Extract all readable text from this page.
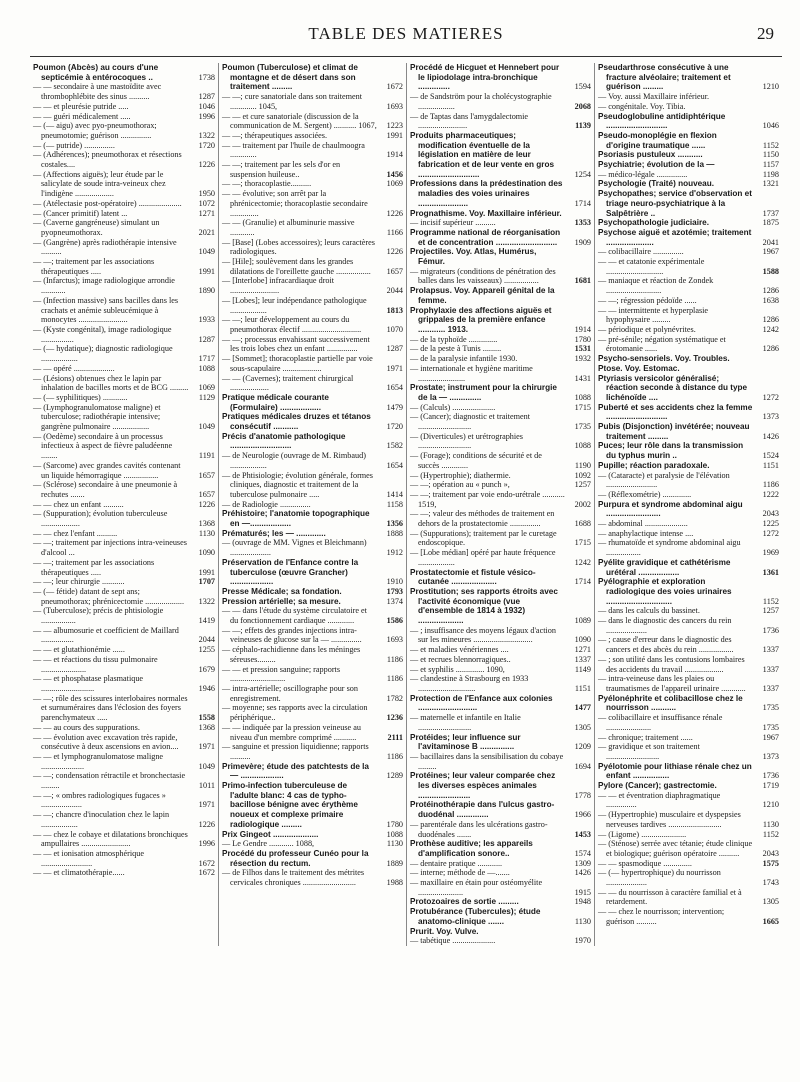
TABLE DES MATIERES	29
Poumon (Abcès) au cours d'une septicémie à entérocoques ..	1738
— — secondaire à une mastoïdite avec thrombophlébite des sinus ..........	1287
— — et pleurésie putride .....	1046
— — guéri médicalement .....	1996
— (— aigu) avec pyo-pneumothorax; pneumotomie; guérison ...............	1322
— (— putride) ...............	1720
— (Adhérences); pneumothorax et résections costales....	1226
— (Affections aiguës); leur étude par le salicylate de soude intra-veineux chez l'indigène ...................	1950
— (Atélectasie post-opératoire) ..................... 1072
— (Cancer primitif) latent ...	1271
— (Caverne gangréneuse) simulant un pyopneumothorax.	2021
— (Gangrène) après radiothérapie intensive ..........	1049
— —; traitement par les associations thérapeutiques .....	1991
— (Infarctus); image radiologique arrondie ............	1890
— (Infection massive) sans bacilles dans les crachats et anémie subleucémique à monocytes ........................	1933
— (Kyste congénital), image radiologique ................	1287
— (— hydatique); diagnostic radiologique ..................	1717
— — opéré ....................	1088
— (Lésions) obtenues chez le lapin par inhalation de bacilles morts et de BCG ......... 1069
— (— syphilitiques) ............	1129
— (Lymphogranulomatose maligne) et tuberculose; radiothérapie intensive; gangrène pulmonaire ..................	1049
— (Oedème) secondaire à un processus infectieux à aspect de fièvre paludéenne ........	1191
— (Sarcome) avec grandes cavités contenant un liquide hémorragique .................	1657
— (Sclérose) secondaire à une pneumonie à rechutes .......	1657
— — chez un enfant ..........	1226
— (Suppuration); évolution tuberculeuse ...................	1368
— — chez l'enfant ..........	1130
— —; traitement par injections intra-veineuses d'alcool ...	1090
— —; traitement par les associations thérapeutiques .....	1991
— —; leur chirurgie ...........	1707
— (— fétide) datant de sept ans; pneumothorax; phrénicectomie ................... 1322
— (Tuberculose); précis de phtisiologie .................	1419
— — albumosurie et coefficient de Maillard ................	2044
— — et glutathionémie ......	1255
— — et réactions du tissu pulmonaire ......................	1679
— — et phosphatase plasmatique ..........................	1946
— —; rôle des scissures interlobaires normales et surnuméraires dans l'éclosion des foyers parenchymateux .....	1558
— — au cours des suppurations.	1368
— — évolution avec excavation très rapide, consécutive à deux ascensions en avion.... 1971
— — et lymphogranulomatose maligne .....................	1049
— —; condensation rétractile et bronchectasie .........	1011
— —; « ombres radiologiques fugaces » ....................	1971
— —; chancre d'inoculation chez le lapin ..................	1226
— — chez le cobaye et dilatations bronchiques ampullaires ........................	1996
— — et ionisation atmosphérique .........................	1672
— — et climatothérapie......	1672
Poumon (Tuberculose) et climat de montagne et de désert dans son traitement .........	1672
— —; cure sanatoriale dans son traitement ............. 1045,	1693
— — et cure sanatoriale (discussion de la communication de M. Sergent) ........... 1067, 1223
— —; thérapeutiques associées.	1991
— — traitement par l'huile de chaulmoogra .............	1914
— —; traitement par les sels d'or en suspension huileuse..	1456
— —; thoracoplastie..........	1069
— — évolutive; son arrêt par la phrénicectomie; thoracoplastie secondaire ..............	1226
— — (Granulie) et albuminurie massive ............	1166
— [Base] (Lobes accessoires); leurs caractères radiologiques.	1226
— [Hile]; soulèvement dans les grandes dilatations de l'oreillette gauche ................. 1657
— [Interlobe] infracardiaque droit ........................	2044
— [Lobes]; leur indépendance pathologique ..................	1813
— —; leur développement au cours du pneumothorax électif .............................	1070
— —; processus envahissant successivement les trois lobes chez un enfant ...............	1287
— [Sommet]; thoracoplastie partielle par voie sous-scapulaire ...................	1971
— — (Cavernes); traitement chirurgical ...................	1654
Pratique médicale courante (Formulaire) ..................	1479
Pratiques médicales druzes et tétanos consécutif ...........	1720
Précis d'anatomie pathologique ...........................	1582
— de Neurologie (ouvrage de M. Rimbaud) ..................	1654
— de Phtisiologie; évolution générale, formes cliniques, diagnostic et traitement de la tuberculose pulmonaire .....	1414
— de Radiologie ...............	1158
Préhistoire; l'anatomie topographique en —..................	1356
Prématurés; les — .............	1888
— (ouvrage de MM. Vignes et Bleichmann) ....................	1912
Préservation de l'Enfance contre la tuberculose (œuvre Grancher) ...................	1910
Presse Médicale; sa fondation.	1793
Pression artérielle; sa mesure.	1374
— — dans l'étude du système circulatoire et du fonctionnement cardiaque .............	1586
— —; effets des grandes injections intra-veineuses de glucose sur la — ...............	1693
— céphalo-rachidienne dans les méninges séreuses.........	1186
— — et pression sanguine; rapports ...........................	1186
— intra-artérielle; oscillographe pour son enregistrement.	1782
— moyenne; ses rapports avec la circulation périphérique..	1236
— — indiquée par la pression veineuse au niveau d'un membre comprimé ...........	2111
— sanguine et pression liquidienne; rapports ..........	1186
Primevère; étude des patchtests de la — ...................	1289
Primo-infection tuberculeuse de l'adulte blanc: 4 cas de typho-bacillose bénigne avec érythème noueux et complexe primaire radiologique .........	1780
Prix Gingeot ....................	1088
— Le Gendre ............ 1088,	1130
Procédé du professeur Cunéo pour la résection du rectum.	1889
— de Filhos dans le traitement des métrites cervicales chroniques ..........................	1988
Procédé de Hicguet et Hennebert pour le lipiodolage intra-bronchique ..............	1594
— de Sandström pour la cholécystographie ..................	2068
— de Taptas dans l'amygdalectomie ........................	1139
Produits pharmaceutiques; modification éventuelle de la législation en matière de leur fabrication et de leur vente en gros ...........................	1254
Professions dans la prédestination des maladies des voies urinaires ......................	1714
Prognathisme. Voy. Maxillaire inférieur.
— incisif supérieur ..........	1353
Programme national de réorganisation et de concentration ........................... 1909
Projectiles. Voy. Atlas, Humérus, Fémur.
— migrateurs (conditions de pénétration des balles dans les vaisseaux) .................	1681
Prolapsus. Voy. Appareil génital de la femme.
Prophylaxie des affections aiguës et grippales de la première enfance ............ 1913.	1914
— de la typhoïde ..............	1780
— de la peste à Tunis .........	1531
— de la paralysie infantile 1930.	1932
— internationale et hygiène maritime .......................	1431
Prostate; instrument pour la chirurgie de la — ..............	1088
— (Calculs) .....................	1715
— (Cancer); diagnostic et traitement ..........................	1735
— (Diverticules) et urétrographies ..........................	1088
— (Forage); conditions de sécurité et de succès .............	1190
— (Hypertrophie); diathermie.	1092
— —; opération au « punch »,	1257
— —; traitement par voie endo-urétrale ........... 1519,	2002
— —; valeur des méthodes de traitement en dehors de la prostatectomie ...............	1688
— (Suppurations); traitement par le curetage endoscopique.	1715
— [Lobe médian] opéré par haute fréquence ..................	1242
Prostatectomie et fistule vésico-cutanée ....................	1714
Prostitution; ses rapports étroits avec l'activité économique (vue d'ensemble de 1814 à 1932) ....................	1089
— ; insuffisance des moyens légaux d'action sur les mineures .............................	1090
— et maladies vénériennes ....	1271
— et recrues blennorragiques..	1337
— et syphilis .............. 1090,	1149
— clandestine à Strasbourg en 1933 ............................	1151
Protection de l'Enfance aux colonies ..........................	1477
— maternelle et infantile en Italie ..........................	1305
Protéides; leur influence sur l'avitaminose B ...............	1209
— bacillaires dans la sensibilisation du cobaye .........	1694
Protéines; leur valeur comparée chez les diverses espèces animales .......................	1778
Protéinothérapie dans l'ulcus gastro-duodénal ..............	1966
— parentérale dans les ulcérations gastro-duodénales .......	1453
Prothèse auditive; les appareils d'amplification sonore..	1574
— dentaire pratique ............	1309
— interne; méthode de —.......	1426
— maxillaire en étain pour ostéomyélite ......................	1915
Protozoaires de sortie .........	1948
Protubérance (Tubercules); étude anatomo-clinique .......	1130
Prurit. Voy. Vulve.
— tabétique .....................	1970
Pseudarthrose consécutive à une fracture alvéolaire; traitement et guérison .........	1210
— Voy. aussi Maxillaire inférieur.
— congénitale. Voy. Tibia.
Pseudoglobuline antidiphtérique ...........................	1046
Pseudo-monoplégie en flexion d'origine traumatique ......	1152
Psoriasis pustuleux ...........	1150
Psychiatrie; évolution de la —	1157
— médico-légale ...............	1198
Psychologie (Traité) nouveau.	1321
Psychopathes; service d'observation et triage neuro-psychiatrique à la Salpêtrière ..	1737
Psychopathologie judiciaire.	1875
Psychose aiguë et azotémie; traitement .....................	2041
— colibacillaire ...............	1967
— — et catatonie expérimentale ............................	1588
— maniaque et réaction de Zondek ...........................	1286
— —; régression pédoïde ......	1638
— — intermittente et hyperplasie hypophysaire .........	1286
— périodique et polynévrites.	1242
— pré-sénile; négation systématique et érotomanie ......	1286
Psycho-sensoriels. Voy. Troubles.
Ptose. Voy. Estomac.
Ptyriasis versicolor généralisé; réaction seconde à distance du type lichénoïde ....	1272
Puberté et ses accidents chez la femme ...........................	1373
Pubis (Disjonction) invétérée; nouveau traitement .........	1426
Puces; leur rôle dans la transmission du typhus murin ..	1524
Pupille; réaction paradoxale.	1151
— (Cataracte) et paralysie de l'élévation .........................	1186
— (Réflexométrie) ..............	1222
Purpura et syndrome abdominal aigu ........................	2043
— abdominal .....................	1225
— anaphylactique intense ....	1272
— rhumatoïde et syndrome abdominal aigu .................	1969
Pyélite gravidique et cathétérisme urétéral ..................	1361
Pyélographie et exploration radiologique des voies urinaires .............................	1152
— dans les calculs du bassinet.	1257
— dans le diagnostic des cancers du rein ....................	1736
— ; cause d'erreur dans le diagnostic des cancers et des abcès du rein .................	1337
— ; son utilité dans les contusions lombaires des accidents du travail ...................	1337
— intra-veineuse dans les plaies ou traumatismes de l'appareil urinaire ............ 1337
Pyélonéphrite et colibacillose chez le nourrisson ...........	1735
— colibacillaire et insuffisance rénale ......................	1735
— chronique; traitement ......	1967
— gravidique et son traitement ..........................	1373
Pyélotomie pour lithiase rénale chez un enfant ................	1736
Pylore (Cancer); gastrectomie.	1719
— — et éventration diaphragmatique ...............	1210
— (Hypertrophie) musculaire et dyspepsies nerveuses tardives ..........................	1130
— (Ligome) ......................	1152
— (Sténose) serrée avec tétanie; étude clinique et biologique; guérison opératoire ..........	2043
— — spasmodique ..............	1575
— (— hypertrophique) du nourrisson ....................	1743
— — du nourrisson à caractère familial et à retardement.	1305
— — chez le nourrisson; intervention; guérison ..........	1665
